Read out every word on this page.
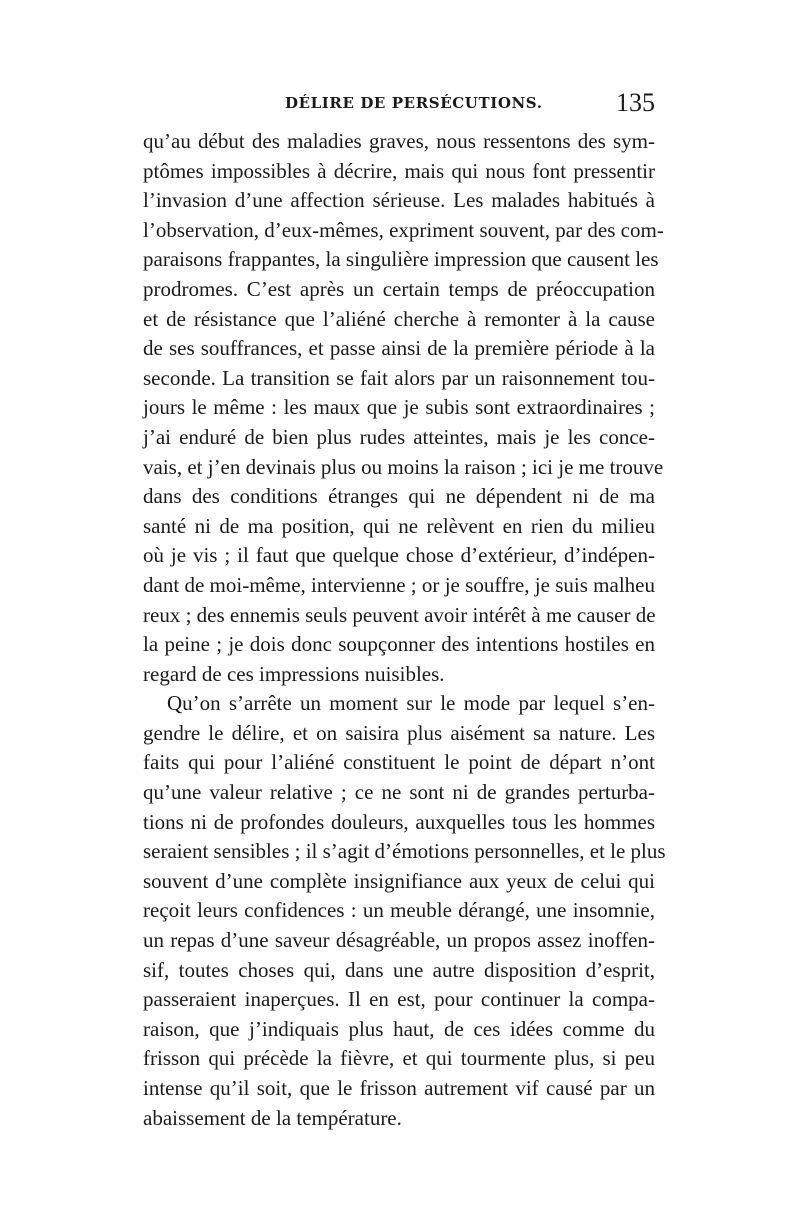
DÉLIRE DE PERSÉCUTIONS.	135
qu’au début des maladies graves, nous ressentons des sym-
ptômes impossibles à décrire, mais qui nous font pressentir
l’invasion d’une affection sérieuse. Les malades habitués à
l’observation, d’eux-mêmes, expriment souvent, par des com-
paraisons frappantes, la singulière impression que causent les
prodromes. C’est après un certain temps de préoccupation
et de résistance que l’aliéné cherche à remonter à la cause
de ses souffrances, et passe ainsi de la première période à la
seconde. La transition se fait alors par un raisonnement tou-
jours le même : les maux que je subis sont extraordinaires ;
j’ai enduré de bien plus rudes atteintes, mais je les conce-
vais, et j’en devinais plus ou moins la raison ; ici je me trouve
dans des conditions étranges qui ne dépendent ni de ma
santé ni de ma position, qui ne relèvent en rien du milieu
où je vis ; il faut que quelque chose d’extérieur, d’indépen-
dant de moi-même, intervienne ; or je souffre, je suis malheu
reux ; des ennemis seuls peuvent avoir intérêt à me causer de
la peine ; je dois donc soupçonner des intentions hostiles en
regard de ces impressions nuisibles.
Qu’on s’arrête un moment sur le mode par lequel s’en-
gendre le délire, et on saisira plus aisément sa nature. Les
faits qui pour l’aliéné constituent le point de départ n’ont
qu’une valeur relative ; ce ne sont ni de grandes perturba-
tions ni de profondes douleurs, auxquelles tous les hommes
seraient sensibles ; il s’agit d’émotions personnelles, et le plus
souvent d’une complète insignifiance aux yeux de celui qui
reçoit leurs confidences : un meuble dérangé, une insomnie,
un repas d’une saveur désagréable, un propos assez inoffen-
sif, toutes choses qui, dans une autre disposition d’esprit,
passeraient inaperçues. Il en est, pour continuer la compa-
raison, que j’indiquais plus haut, de ces idées comme du
frisson qui précède la fièvre, et qui tourmente plus, si peu
intense qu’il soit, que le frisson autrement vif causé par un
abaissement de la température.
